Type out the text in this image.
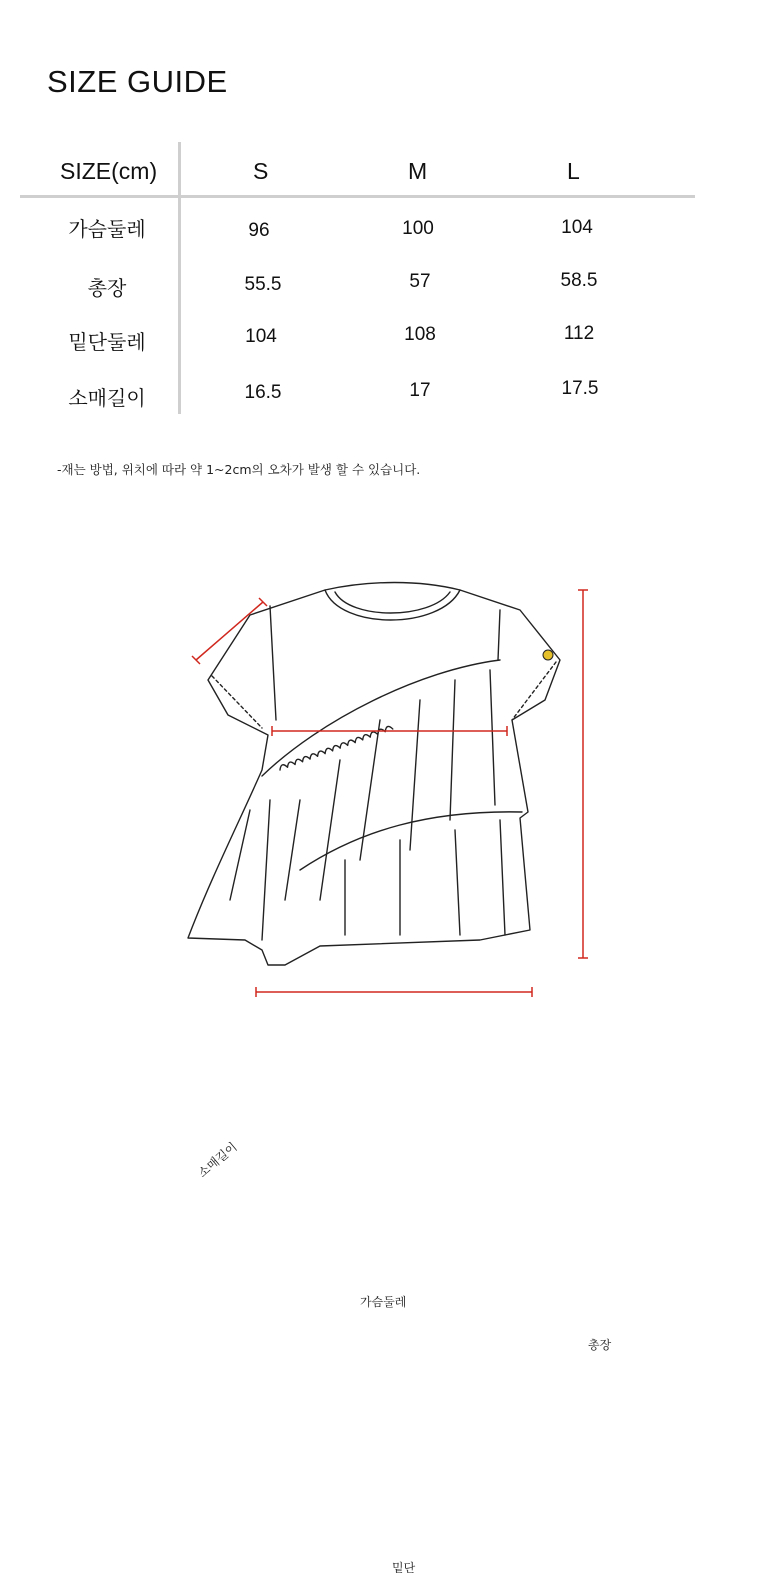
SIZE GUIDE
SIZE(cm)	S	M	L
가슴둘레	96	100	104
총장	55.5	57	58.5
밑단둘레	104	108	112
소매길이	16.5	17	17.5
-재는 방법, 위치에 따라 약 1~2cm의 오차가 발생 할 수 있습니다.
소매길이
가슴둘레
총장
밑단
